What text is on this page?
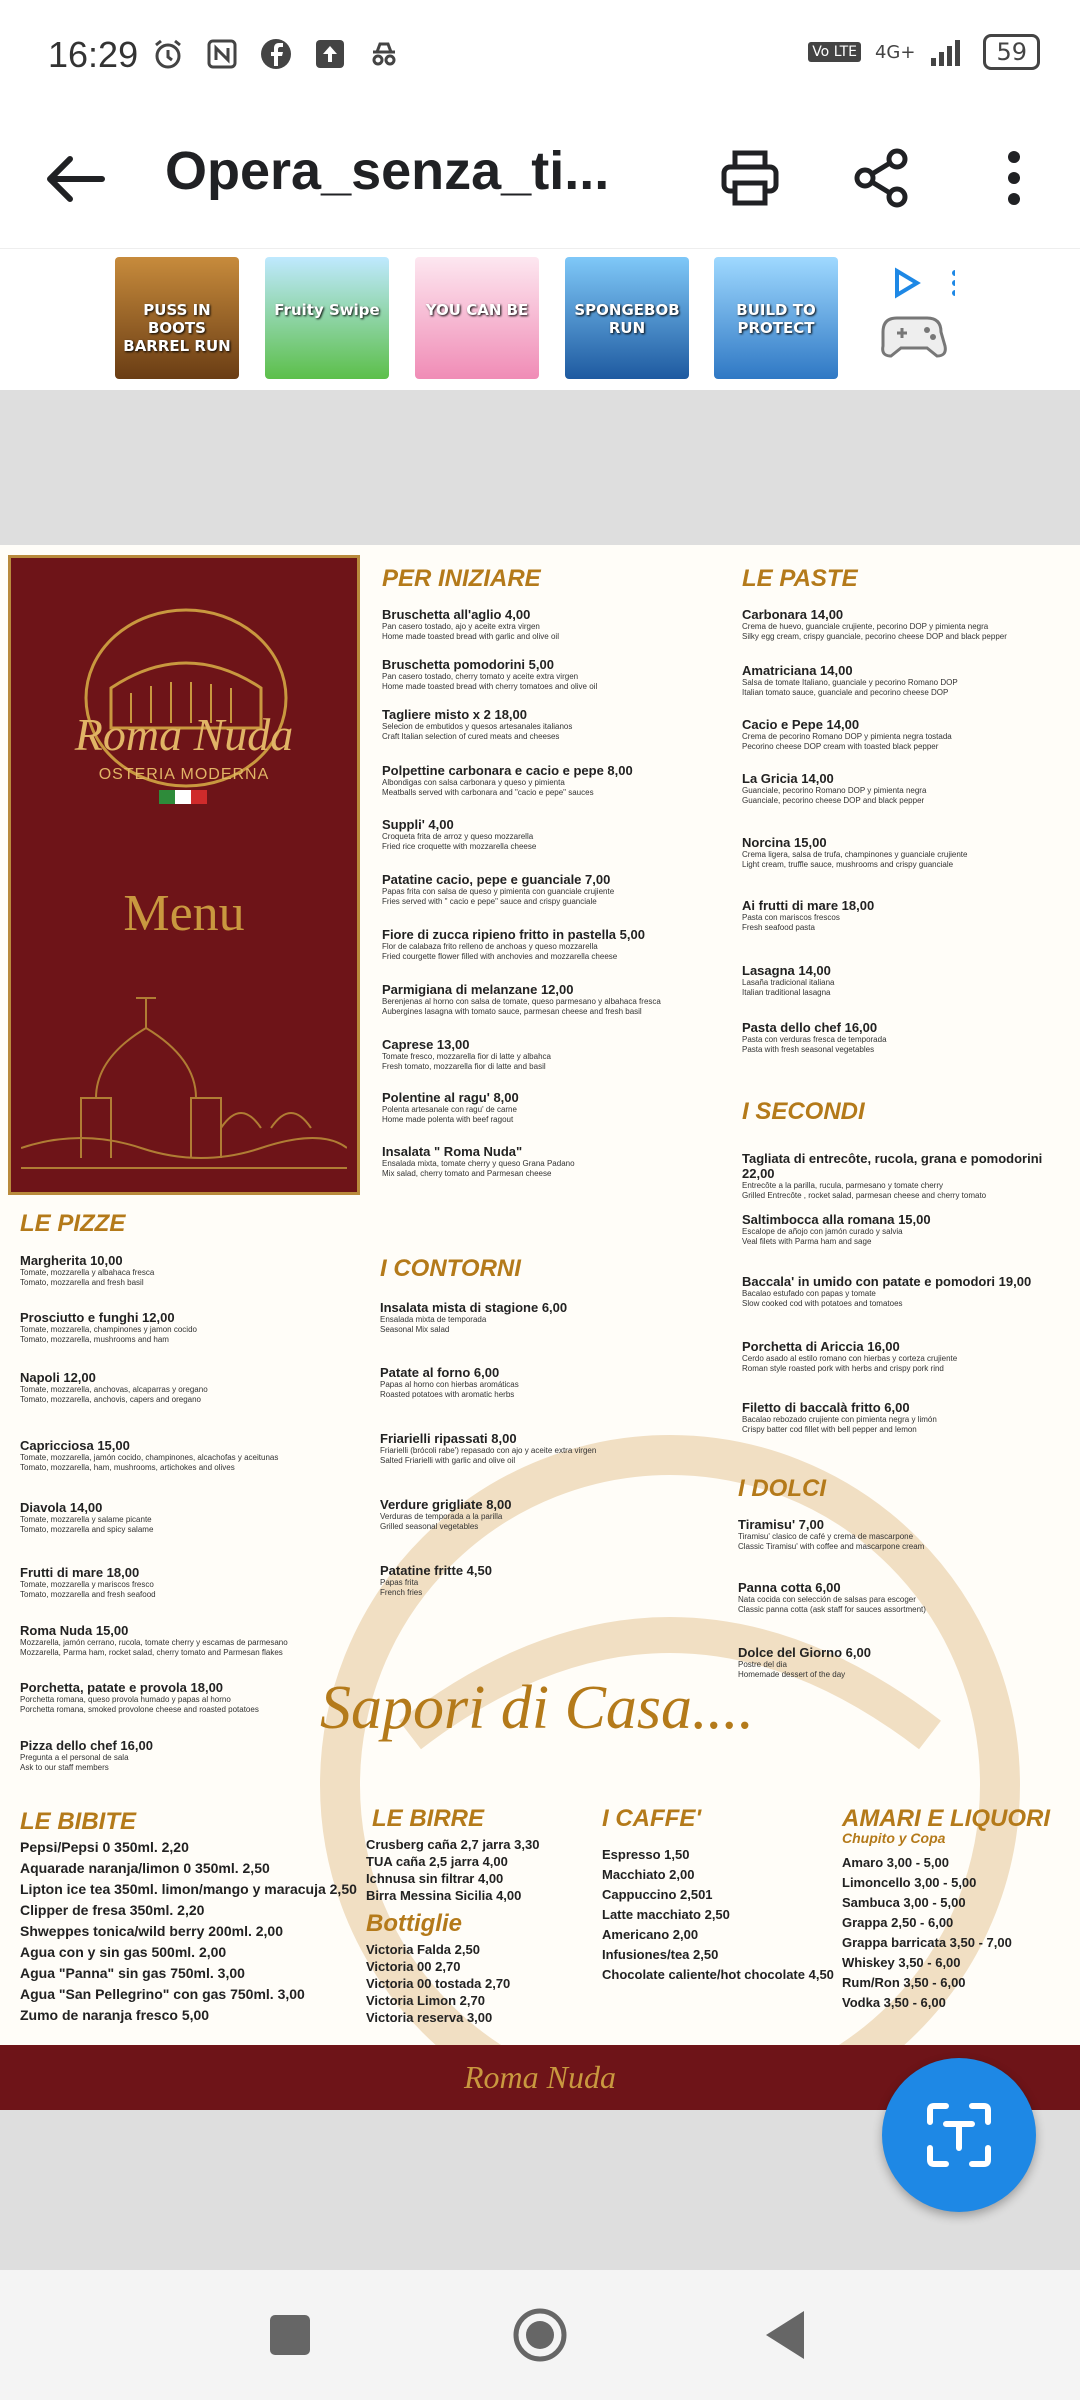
16:29	Vo LTE 4G+	59
Opera_senza_ti...
PUSS IN BOOTS BARREL RUN
Fruity Swipe	YOU CAN BE	SPONGEBOB RUN
BUILD TO PROTECT
Roma Nuda
OSTERIA MODERNA
Menu
PER INIZIARE
Bruschetta all'aglio 4,00
Pan casero tostado, ajo y aceite extra virgen
Home made toasted bread with garlic and olive oil
Bruschetta pomodorini 5,00
Pan casero tostado, cherry tomato y aceite extra virgen
Home made toasted bread with cherry tomatoes and olive oil
Tagliere misto x 2 18,00
Selecion de embutidos y quesos artesanales italianos
Craft Italian selection of cured meats and cheeses
Polpettine carbonara e cacio e pepe 8,00
Albondigas con salsa carbonara y queso y pimienta
Meatballs served with carbonara and "cacio e pepe" sauces
Suppli' 4,00
Croqueta frita de arroz y queso mozzarella
Fried rice croquette with mozzarella cheese
Patatine cacio, pepe e guanciale 7,00
Papas frita con salsa de queso y pimienta con guanciale crujiente
Fries served with " cacio e pepe" sauce and crispy guanciale
Fiore di zucca ripieno fritto in pastella 5,00
Flor de calabaza frito relleno de anchoas y queso mozzarella
Fried courgette flower filled with anchovies and mozzarella cheese
Parmigiana di melanzane 12,00
Berenjenas al horno con salsa de tomate, queso parmesano y albahaca fresca
Aubergines lasagna with tomato sauce, parmesan cheese and fresh basil
Caprese 13,00
Tomate fresco, mozzarella fior di latte y albahca
Fresh tomato, mozzarella fior di latte and basil
Polentine al ragu' 8,00
Polenta artesanale con ragu' de carne
Home made polenta with beef ragout
Insalata " Roma Nuda"
Ensalada mixta, tomate cherry y queso Grana Padano
Mix salad, cherry tomato and Parmesan cheese
LE PASTE
Carbonara 14,00
Crema de huevo, guanciale crujiente, pecorino DOP y pimienta negra
Silky egg cream, crispy guanciale, pecorino cheese DOP and black pepper
Amatriciana 14,00
Salsa de tomate Italiano, guanciale y pecorino Romano DOP
Italian tomato sauce, guanciale and pecorino cheese DOP
Cacio e Pepe 14,00
Crema de pecorino Romano DOP y pimienta negra tostada
Pecorino cheese DOP cream with toasted black pepper
La Gricia 14,00
Guanciale, pecorino Romano DOP y pimienta negra
Guanciale, pecorino cheese DOP and black pepper
Norcina 15,00
Crema ligera, salsa de trufa, champinones y guanciale crujiente
Light cream, truffle sauce, mushrooms and crispy guanciale
Ai frutti di mare 18,00
Pasta con mariscos frescos
Fresh seafood pasta
Lasagna 14,00
Lasaña tradicional italiana
Italian traditional lasagna
Pasta dello chef 16,00
Pasta con verduras fresca de temporada
Pasta with fresh seasonal vegetables
I SECONDI
Tagliata di entrecôte, rucola, grana e pomodorini 22,00
Entrecôte a la parilla, rucula, parmesano y tomate cherry
Grilled Entrecôte , rocket salad, parmesan cheese and cherry tomato
Saltimbocca alla romana 15,00
Escalope de añojo con jamón curado y salvia
Veal filets with Parma ham and sage
Baccala' in umido con patate e pomodori 19,00
Bacalao estufado con papas y tomate
Slow cooked cod with potatoes and tomatoes
Porchetta di Ariccia 16,00
Cerdo asado al estilo romano con hierbas y corteza crujiente
Roman style roasted pork with herbs and crispy pork rind
Filetto di baccalà fritto 6,00
Bacalao rebozado crujiente con pimienta negra y limón
Crispy batter cod fillet with bell pepper and lemon
I DOLCI
Tiramisu' 7,00
Tiramisu' clasico de café y crema de mascarpone
Classic Tiramisu' with coffee and mascarpone cream
Panna cotta 6,00
Nata cocida con selección de salsas para escoger
Classic panna cotta (ask staff for sauces assortment)
Dolce del Giorno 6,00
Postre del dia
Homemade dessert of the day
LE PIZZE
Margherita 10,00
Tomate, mozzarella y albahaca fresca
Tomato, mozzarella and fresh basil
Prosciutto e funghi 12,00
Tomate, mozzarella, champinones y jamon cocido
Tomato, mozzarella, mushrooms and ham
Napoli 12,00
Tomate, mozzarella, anchovas, alcaparras y oregano
Tomato, mozzarella, anchovis, capers and oregano
Capricciosa 15,00
Tomate, mozzarella, jamón cocido, champinones, alcachofas y aceitunas
Tomato, mozzarella, ham, mushrooms, artichokes and olives
Diavola 14,00
Tomate, mozzarella y salame picante
Tomato, mozzarella and spicy salame
Frutti di mare 18,00
Tomate, mozzarella y mariscos fresco
Tomato, mozzarella and fresh seafood
Roma Nuda 15,00
Mozzarella, jamón cerrano, rucola, tomate cherry y escamas de parmesano
Mozzarella, Parma ham, rocket salad, cherry tomato and Parmesan flakes
Porchetta, patate e provola 18,00
Porchetta romana, queso provola humado y papas al horno
Porchetta romana, smoked provolone cheese and roasted potatoes
Pizza dello chef 16,00
Pregunta a el personal de sala
Ask to our staff members
I CONTORNI
Insalata mista di stagione 6,00
Ensalada mixta de temporada
Seasonal Mix salad
Patate al forno 6,00
Papas al horno con hierbas aromáticas
Roasted potatoes with aromatic herbs
Friarielli ripassati 8,00
Friarielli (brócoli rabe') repasado con ajo y aceite extra virgen
Salted Friarielli with garlic and olive oil
Verdure grigliate 8,00
Verduras de temporada a la parilla
Grilled seasonal vegetables
Patatine fritte 4,50
Papas frita
French fries
LE BIBITE
Pepsi/Pepsi 0 350ml. 2,20
Aquarade naranja/limon 0 350ml. 2,50
Lipton ice tea 350ml. limon/mango y maracuja 2,50
Clipper de fresa 350ml. 2,20
Shweppes tonica/wild berry 200ml. 2,00
Agua con y sin gas 500ml. 2,00
Agua "Panna" sin gas 750ml. 3,00
Agua "San Pellegrino" con gas 750ml. 3,00
Zumo de naranja fresco 5,00
LE BIRRE
Crusberg caña 2,7 jarra 3,30
TUA caña 2,5 jarra 4,00
Ichnusa sin filtrar 4,00
Birra Messina Sicilia 4,00
Bottiglie
Victoria Falda 2,50
Victoria 00 2,70
Victoria 00 tostada 2,70
Victoria Limon 2,70
Victoria reserva 3,00
I CAFFE'
Espresso 1,50
Macchiato 2,00
Cappuccino 2,501
Latte macchiato 2,50
Americano 2,00
Infusiones/tea 2,50
Chocolate caliente/hot chocolate 4,50
AMARI E LIQUORI
Chupito y Copa
Amaro 3,00 - 5,00
Limoncello 3,00 - 5,00
Sambuca 3,00 - 5,00
Grappa 2,50 - 6,00
Grappa barricata 3,50 - 7,00
Whiskey 3,50 - 6,00
Rum/Ron 3,50 - 6,00
Vodka 3,50 - 6,00
Sapori di Casa....
Roma Nuda
